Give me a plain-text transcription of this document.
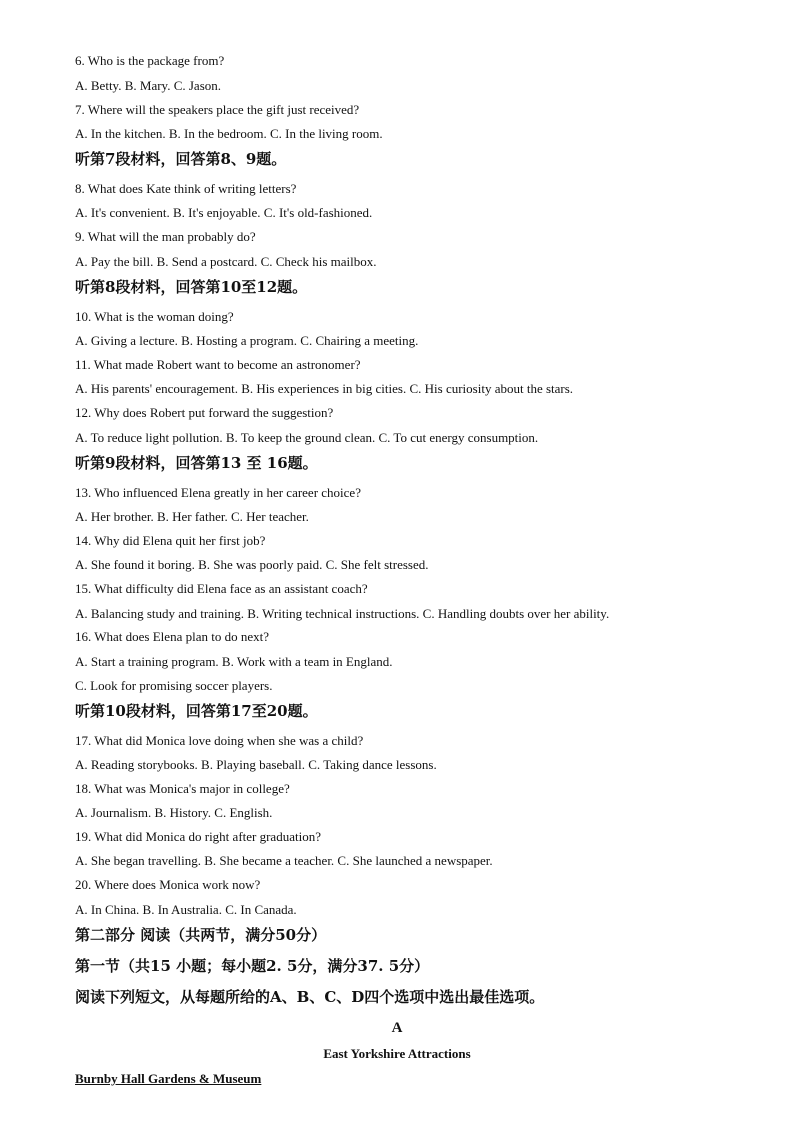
6. Who is the package from?
A. Betty. B. Mary. C. Jason.
7. Where will the speakers place the gift just received?
A. In the kitchen. B. In the bedroom. C. In the living room.
听第7段材料，回答第8、9题。
8. What does Kate think of writing letters?
A. It's convenient. B. It's enjoyable. C. It's old-fashioned.
9. What will the man probably do?
A. Pay the bill. B. Send a postcard. C. Check his mailbox.
听第8段材料，回答第10至12题。
10. What is the woman doing?
A. Giving a lecture. B. Hosting a program. C. Chairing a meeting.
11. What made Robert want to become an astronomer?
A. His parents' encouragement. B. His experiences in big cities. C. His curiosity about the stars.
12. Why does Robert put forward the suggestion?
A. To reduce light pollution. B. To keep the ground clean. C. To cut energy consumption.
听第9段材料，回答第13 至 16题。
13. Who influenced Elena greatly in her career choice?
A. Her brother. B. Her father. C. Her teacher.
14. Why did Elena quit her first job?
A. She found it boring. B. She was poorly paid. C. She felt stressed.
15. What difficulty did Elena face as an assistant coach?
A. Balancing study and training. B. Writing technical instructions. C. Handling doubts over her ability.
16. What does Elena plan to do next?
A. Start a training program. B. Work with a team in England.
C. Look for promising soccer players.
听第10段材料，回答第17至20题。
17. What did Monica love doing when she was a child?
A. Reading storybooks. B. Playing baseball. C. Taking dance lessons.
18. What was Monica's major in college?
A. Journalism. B. History. C. English.
19. What did Monica do right after graduation?
A. She began travelling. B. She became a teacher. C. She launched a newspaper.
20. Where does Monica work now?
A. In China. B. In Australia. C. In Canada.
第二部分 阅读（共两节，满分50分）
第一节（共15 小题；每小题2. 5分，满分37. 5分）
阅读下列短文，从每题所给的A、B、C、D四个选项中选出最佳选项。
A
East Yorkshire Attractions
Burnby Hall Gardens & Museum
